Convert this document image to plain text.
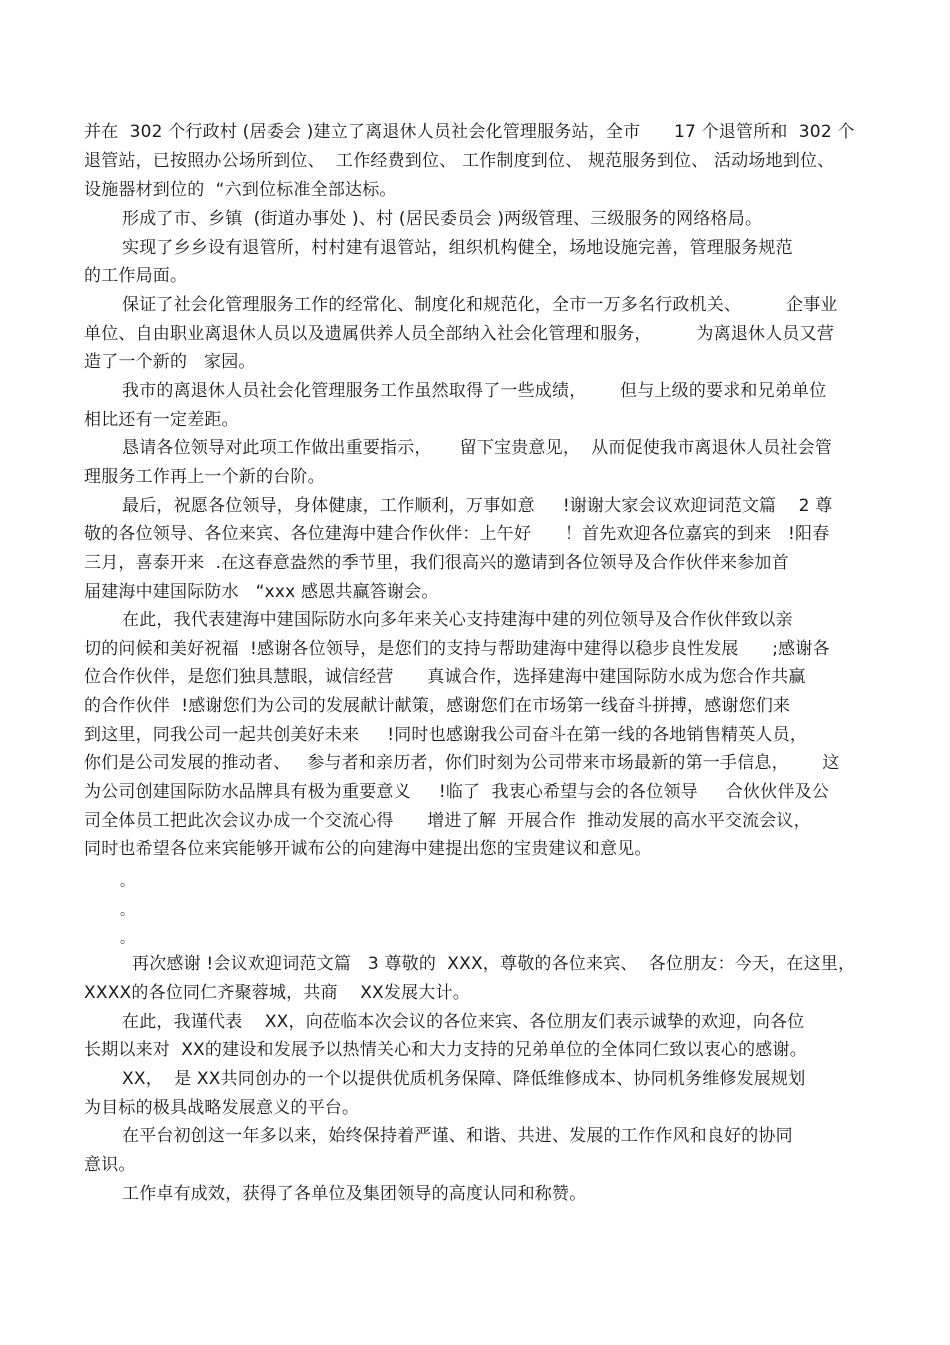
并在  302 个行政村 (居委会 )建立了离退休人员社会化管理服务站，全市      17 个退管所和  302 个
退管站，已按照办公场所到位、  工作经费到位、 工作制度到位、 规范服务到位、 活动场地到位、
设施器材到位的  “六到位标准全部达标。
形成了市、乡镇  (街道办事处 )、村 (居民委员会 )两级管理、三级服务的网络格局。
实现了乡乡设有退管所，村村建有退管站，组织机构健全，场地设施完善，管理服务规范
的工作局面。
保证了社会化管理服务工作的经常化、制度化和规范化，全市一万多名行政机关、        企事业
单位、自由职业离退休人员以及遗属供养人员全部纳入社会化管理和服务，        为离退休人员又营
造了一个新的   家园。
我市的离退休人员社会化管理服务工作虽然取得了一些成绩，      但与上级的要求和兄弟单位
相比还有一定差距。
恳请各位领导对此项工作做出重要指示，     留下宝贵意见，  从而促使我市离退休人员社会管
理服务工作再上一个新的台阶。
最后，祝愿各位领导，身体健康，工作顺利，万事如意     !谢谢大家会议欢迎词范文篇    2 尊
敬的各位领导、各位来宾、各位建海中建合作伙伴：上午好      ！首先欢迎各位嘉宾的到来   !阳春
三月，喜泰开来  .在这春意盎然的季节里，我们很高兴的邀请到各位领导及合作伙伴来参加首
届建海中建国际防水   “xxx 感恩共赢答谢会。
在此，我代表建海中建国际防水向多年来关心支持建海中建的列位领导及合作伙伴致以亲
切的问候和美好祝福  !感谢各位领导，是您们的支持与帮助建海中建得以稳步良性发展      ;感谢各
位合作伙伴，是您们独具慧眼，诚信经营      真诚合作，选择建海中建国际防水成为您合作共赢
的合作伙伴  !感谢您们为公司的发展献计献策，感谢您们在市场第一线奋斗拼搏，感谢您们来
到这里，同我公司一起共创美好未来     !同时也感谢我公司奋斗在第一线的各地销售精英人员，
你们是公司发展的推动者、   参与者和亲历者，你们时刻为公司带来市场最新的第一手信息，      这
为公司创建国际防水品牌具有极为重要意义     !临了  我衷心希望与会的各位领导     合伙伙伴及公
司全体员工把此次会议办成一个交流心得      增进了解  开展合作  推动发展的高水平交流会议，
同时也希望各位来宾能够开诚布公的向建海中建提出您的宝贵建议和意见。
。
。
。
再次感谢 !会议欢迎词范文篇   3 尊敬的  XXX，尊敬的各位来宾、  各位朋友：今天，在这里，
XXXX的各位同仁齐聚蓉城，共商    XX发展大计。
在此，我谨代表    XX，向莅临本次会议的各位来宾、各位朋友们表示诚挚的欢迎，向各位
长期以来对  XX的建设和发展予以热情关心和大力支持的兄弟单位的全体同仁致以衷心的感谢。
XX，  是 XX共同创办的一个以提供优质机务保障、降低维修成本、协同机务维修发展规划
为目标的极具战略发展意义的平台。
在平台初创这一年多以来，始终保持着严谨、和谐、共进、发展的工作作风和良好的协同
意识。
工作卓有成效，获得了各单位及集团领导的高度认同和称赞。
